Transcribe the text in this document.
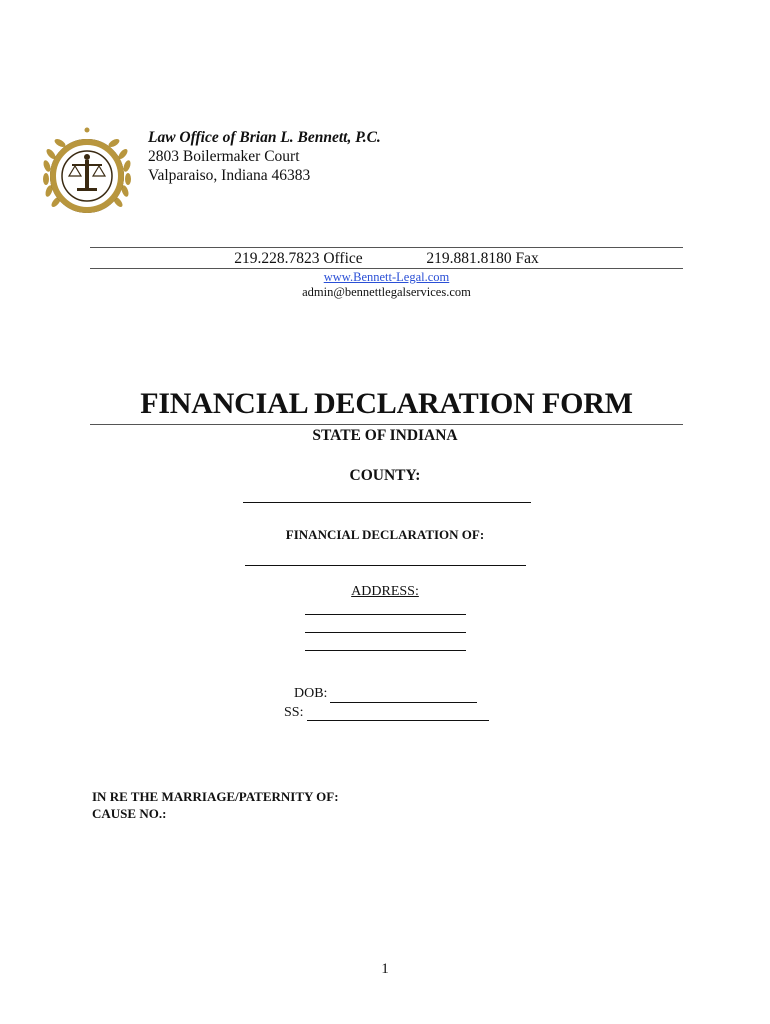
Law Office of Brian L. Bennett, P.C.
2803 Boilermaker Court
Valparaiso, Indiana 46383
219.228.7823 Office	219.881.8180 Fax
www.Bennett-Legal.com
admin@bennettlegalservices.com
FINANCIAL DECLARATION FORM
STATE OF INDIANA
COUNTY:
FINANCIAL DECLARATION OF:
ADDRESS:
DOB:
SS:
IN RE THE MARRIAGE/PATERNITY OF:
CAUSE NO.:
1
